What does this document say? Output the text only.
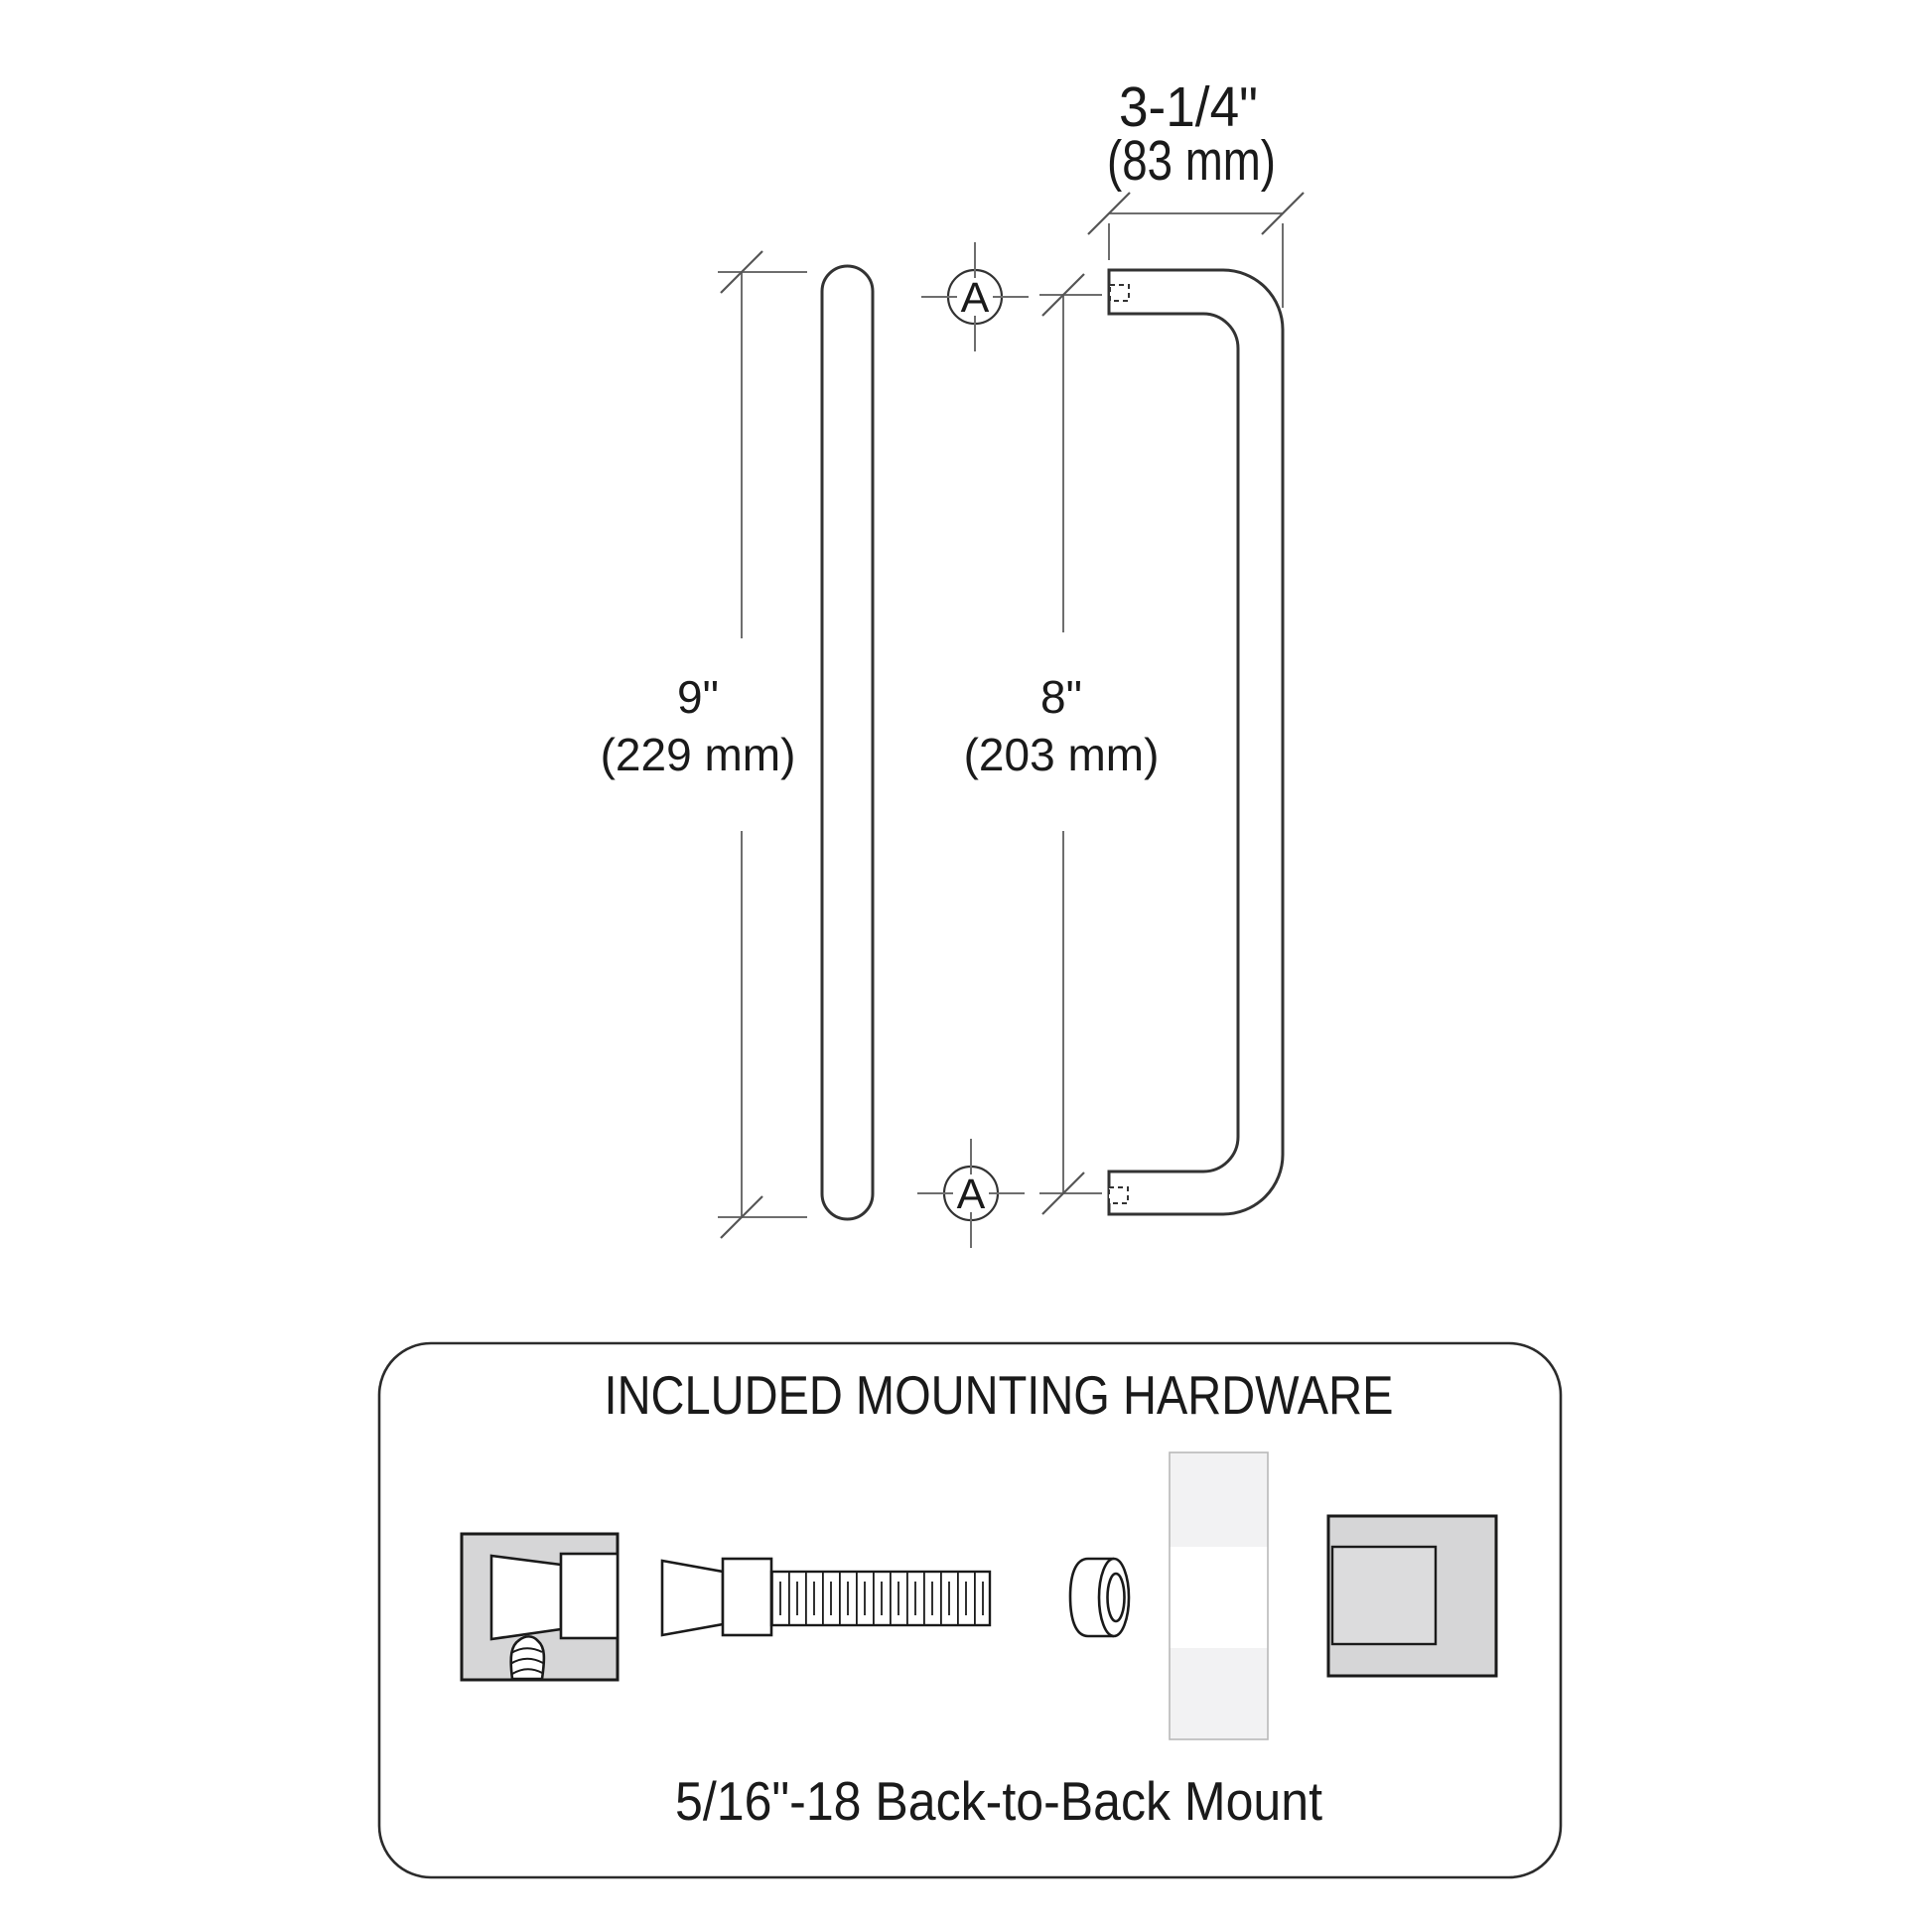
9"
(229 mm)
8"
(203 mm)
3-1/4"
(83 mm)
A
A
INCLUDED MOUNTING HARDWARE
5/16"-18 Back-to-Back Mount
